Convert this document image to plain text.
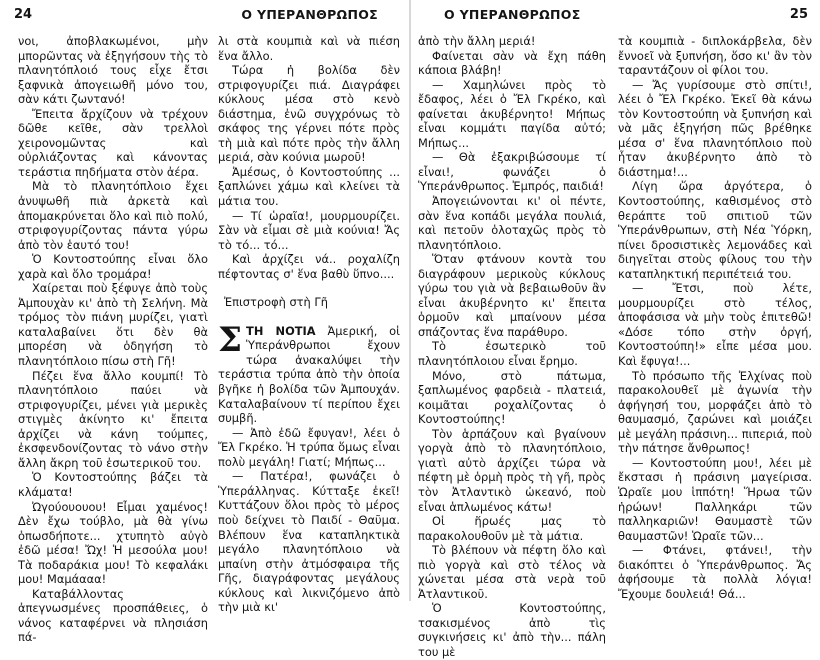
24	Ο ΥΠΕΡΑΝΘΡΩΠΟΣ

νοι, ἀποβλακωμένοι, μὴν μπορῶντας νὰ ἐξηγήσουν τὴς τὸ πλανητόπλοιό τους εἶχε ἔτσι ξαφνικὰ ἀπογειωθῆ μόνο του, σὰν κάτι ζωντανό!

Ἔπειτα ἄρχίζουν νὰ τρέχουν δῶθε κεῖθε, σὰν τρελλοὶ χειρονομῶντας καὶ οὐρλιάζοντας καὶ κάνοντας τεράστια πηδήματα στὸν ἀέρα.

Μὰ τὸ πλανητόπλοιο ἔχει ἀνυψωθῆ πιὰ ἀρκετὰ καὶ ἀπομακρύνεται ὅλο καὶ πιὸ πολύ, στριφογυρίζοντας πάντα γύρω ἀπὸ τὸν ἑαυτό του!

Ὁ Κοντοστούπης εἶναι ὅλο χαρὰ καὶ ὅλο τρομάρα!

Χαίρεται ποὺ ξέφυγε ἀπὸ τοὺς Ἀμπουχὰν κι' ἀπὸ τὴ Σελήνη. Μὰ τρόμος τὸν πιάνη μυρίζει, γιατὶ καταλαβαίνει ὅτι δὲν θὰ μπορέση νὰ ὁδηγήση τὸ πλανητόπλοιο πίσω στὴ Γῆ!

Πέζει ἕνα ἄλλο κουμπί! Τὸ πλανητόπλοιο παύει νὰ στριφογυρίζει, μένει γιὰ μερικὲς στιγμὲς ἀκίνητο κι' ἔπειτα ἀρχίζει νὰ κάνη τούμπες, ἐκσφενδονίζοντας τὸ νάνο στὴν ἄλλη ἄκρη τοῦ ἐσωτερικοῦ του.

Ὁ Κοντοστούπης βάζει τὰ κλάματα!

Ὠγούουουου! Εἶμαι χαμένος! Δὲν ἔχω τούβλο, μὰ θὰ γίνω ὁπωσδήποτε... χτυπητὸ αὐγὸ ἐδῶ μέσα! Ὤχ! Ἡ μεσούλα μου! Τὰ ποδαράκια μου! Τὸ κεφαλάκι μου! Μαμάααα!

Καταβάλλοντας ἀπεγνωσμένες προσπάθειες, ὁ νάνος καταφέρνει νὰ πλησιάση πά-

λι στὰ κουμπιὰ καὶ νὰ πιέση ἕνα ἄλλο.

Τώρα ἡ βολίδα δὲν στριφογυρίζει πιά. Διαγράφει κύκλους μέσα στὸ κενὸ διάστημα, ἐνῶ συγχρόνως τὸ σκάφος της γέρνει πότε πρὸς τὴ μιὰ καὶ πότε πρὸς τὴν ἄλλη μεριά, σὰν κούνια μωροῦ!

Ἀμέσως, ὁ Κοντοστούπης ... ξαπλώνει χάμω καὶ κλείνει τὰ μάτια του.

— Τί ὡραῖα!, μουρμουρίζει. Σὰν νὰ εἶμαι σὲ μιὰ κούνια! Ἄς τὸ τό... τό...

Καὶ ἀρχίζει νά.. ροχαλίζη πέφτοντας σ' ἕνα βαθὺ ὕπνο....

Ἐπιστροφὴ στὴ Γῆ

ΣΤΗ ΝΟΤΙΑ Ἀμερική, οἱ Ὑπεράνθρωποι ἔχουν τώρα ἀνακαλύψει τὴν τεράστια τρύπα ἀπὸ τὴν ὁποία βγῆκε ἡ βολίδα τῶν Ἀμπουχάν. Καταλαβαίνουν τί περίπου ἔχει συμβῆ.

— Ἀπὸ ἐδῶ ἔφυγαν!, λέει ὁ Ἔλ Γκρέκο. Ἡ τρύπα ὅμως εἶναι πολὺ μεγάλη! Γιατί; Μήπως...

— Πατέρα!, φωνάζει ὁ Ὑπεράλληνας. Κύτταξε ἐκεῖ! Κυττάζουν ὅλοι πρὸς τὸ μέρος ποὺ δείχνει τὸ Παιδί - Θαῦμα. Βλέπουν ἕνα καταπληκτικὰ μεγάλο πλανητόπλοιο νὰ μπαίνη στὴν ἀτμόσφαιρα τῆς Γῆς, διαγράφοντας μεγάλους κύκλους καὶ λικνιζόμενο ἀπὸ τὴν μιὰ κι'

Ο ΥΠΕΡΑΝΘΡΩΠΟΣ	25

ἀπὸ τὴν ἄλλη μεριά!

Φαίνεται σὰν νὰ ἔχη πάθη κάποια βλάβη!

— Χαμηλώνει πρὸς τὸ ἔδαφος, λέει ὁ Ἔλ Γκρέκο, καὶ φαίνεται ἀκυβέρνητο! Μήπως εἶναι κομμάτι παγίδα αὐτό; Μήπως...

— Θὰ ἐξακριβώσουμε τί εἶναι!, φωνάζει ὁ Ὑπεράνθρωπος. Ἐμπρός, παιδιά!

Ἀπογειώνονται κι' οἱ πέντε, σὰν ἕνα κοπάδι μεγάλα πουλιά, καὶ πετοῦν ὁλοταχῶς πρὸς τὸ πλανητόπλοιο.

Ὅταν φτάνουν κοντὰ του διαγράφουν μερικοὺς κύκλους γύρω του γιὰ νὰ βεβαιωθοῦν ἂν εἶναι ἀκυβέρνητο κι' ἔπειτα ὁρμοῦν καὶ μπαίνουν μέσα σπάζοντας ἕνα παράθυρο.

Τὸ ἐσωτερικὸ τοῦ πλανητόπλοιου εἶναι ἔρημο.

Μόνο, στὸ πάτωμα, ξαπλωμένος φαρδειὰ - πλατειά, κοιμᾶται ροχαλίζοντας ὁ Κοντοστούπης!

Τὸν ἁρπάζουν καὶ βγαίνουν γοργὰ ἀπὸ τὸ πλανητόπλοιο, γιατὶ αὐτὸ ἀρχίζει τώρα νὰ πέφτη μὲ ὁρμὴ πρὸς τὴ γῆ, πρὸς τὸν Ἀτλαντικὸ ὠκεανό, ποὺ εἶναι ἁπλωμένος κάτω!

Οἱ ἥρωές μας τὸ παρακολουθοῦν μὲ τὰ μάτια.

Τὸ βλέπουν νὰ πέφτη ὅλο καὶ πιὸ γοργὰ καὶ στὸ τέλος νὰ χώνεται μέσα στὰ νερὰ τοῦ Ἀτλαντικοῦ.

Ὁ Κοντοστούπης, τσακισμένος ἀπὸ τὶς συγκινήσεις κι' ἀπὸ τὴν... πάλη του μὲ

τὰ κουμπιὰ - διπλοκάρβελα, δὲν ἔννοεῖ νὰ ξυπνήση, ὅσο κι' ἂν τὸν ταραντάζουν οἱ φίλοι του.

— Ἄς γυρίσουμε στὸ σπίτι!, λέει ὁ Ἔλ Γκρέκο. Ἐκεῖ θὰ κάνω τὸν Κοντοστούπη νὰ ξυπνήση καὶ νὰ μᾶς ἐξηγήση πῶς βρέθηκε μέσα σ' ἕνα πλανητόπλοιο ποὺ ἦταν ἀκυβέρνητο ἀπὸ τὸ διάστημα!...

Λίγη ὥρα ἀργότερα, ὁ Κοντοστούπης, καθισμένος στὸ θεράπτε τοῦ σπιτιοῦ τῶν Ὑπεράνθρωπων, στὴ Νέα Ὑόρκη, πίνει δροσιστικὲς λεμονάδες καὶ διηγεῖται στοὺς φίλους του τὴν καταπληκτική περιπέτειά του.

— Ἔτσι, ποὺ λέτε, μουρμουρίζει στὸ τέλος, ἀποφάσισα νὰ μὴν τοὺς ἐπιτεθῶ! «Δόσε τόπο στὴν ὀργή, Κοντοστούπη!» εἶπε μέσα μου. Καὶ ἔφυγα!...

Τὸ πρόσωπο τῆς Ἐλχίνας ποὺ παρακολουθεῖ μὲ ἀγωνία τὴν ἀφήγησή του, μορφάζει ἀπὸ τὸ θαυμασμό, ζαρώνει καὶ μοιάζει μὲ μεγάλη πράσινη... πιπεριά, ποὺ τὴν πάτησε ἄνθρωπος!

— Κοντοστούπη μου!, λέει μὲ ἔκστασι ἡ πράσινη μαγείρισα. Ὡραῖε μου ἱππότη! Ἥρωα τῶν ἡρώων! Παλληκάρι τῶν παλληκαριῶν! Θαυμαστὲ τῶν θαυμαστῶν! Ὡραῖε τῶν...

— Φτάνει, φτάνει!, τὴν διακόπτει ὁ Ὑπεράνθρωπος. Ἄς ἀφήσουμε τὰ πολλὰ λόγια! Ἔχουμε δουλειά! Θά...
